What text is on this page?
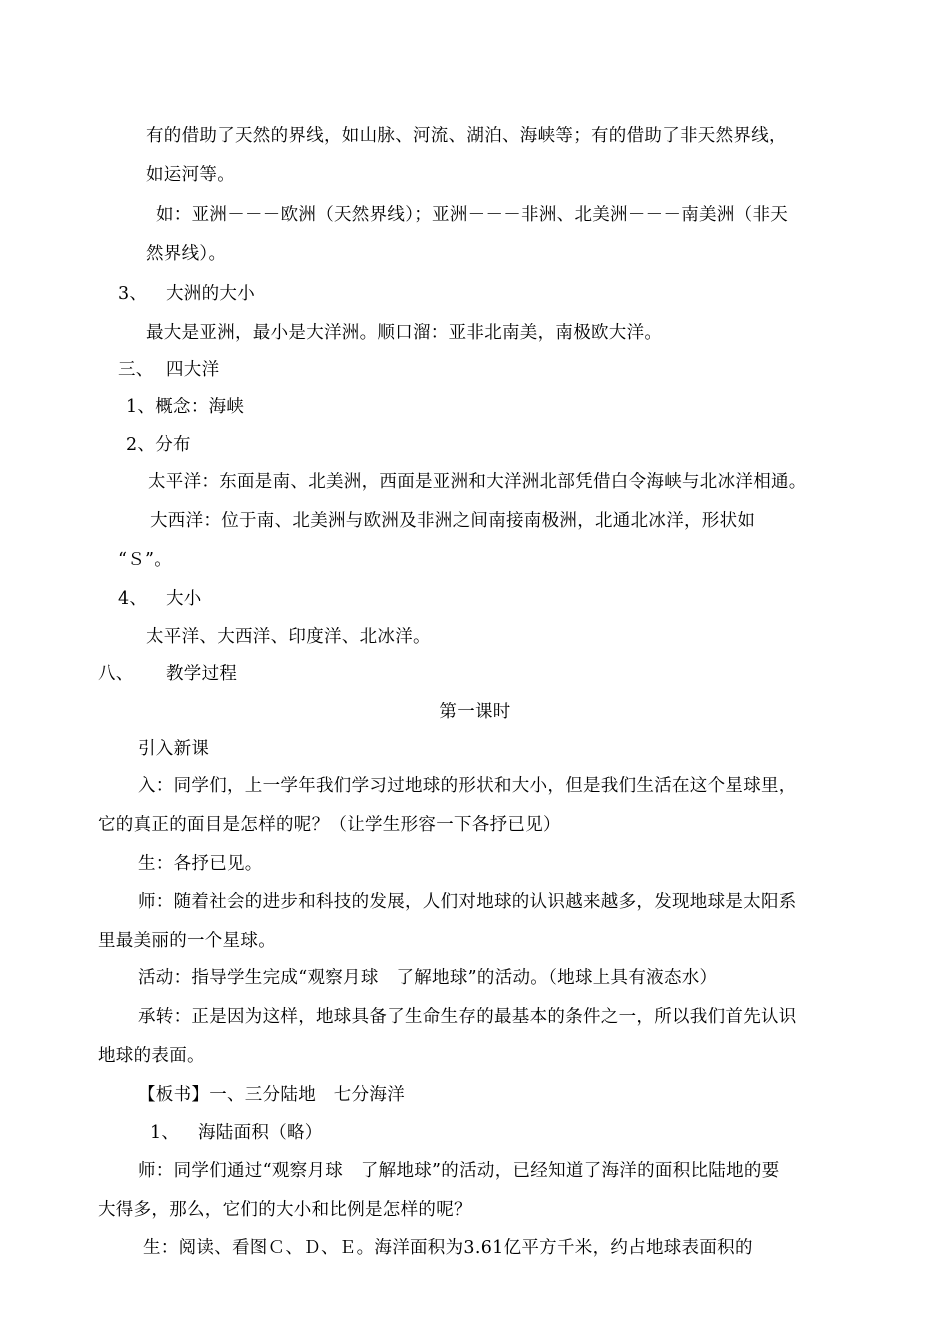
有的借助了天然的界线，如山脉、河流、湖泊、海峡等；有的借助了非天然界线，
如运河等。
如：亚洲－－－欧洲（天然界线）；亚洲－－－非洲、北美洲－－－南美洲（非天
然界线）。
3、 大洲的大小
最大是亚洲，最小是大洋洲。顺口溜：亚非北南美，南极欧大洋。
三、 四大洋
1、概念：海峡
2、分布
太平洋：东面是南、北美洲，西面是亚洲和大洋洲北部凭借白令海峡与北冰洋相通。
大西洋：位于南、北美洲与欧洲及非洲之间南接南极洲，北通北冰洋，形状如
“Ｓ”。
4、 大小
太平洋、大西洋、印度洋、北冰洋。
八、 教学过程
第一课时
引入新课
入：同学们，上一学年我们学习过地球的形状和大小，但是我们生活在这个星球里，
它的真正的面目是怎样的呢？（让学生形容一下各抒已见）
生：各抒已见。
师：随着社会的进步和科技的发展，人们对地球的认识越来越多，发现地球是太阳系
里最美丽的一个星球。
活动：指导学生完成“观察月球　了解地球”的活动。（地球上具有液态水）
承转：正是因为这样，地球具备了生命生存的最基本的条件之一，所以我们首先认识
地球的表面。
【板书】一、三分陆地　七分海洋
1、 海陆面积（略）
师：同学们通过“观察月球　了解地球”的活动，已经知道了海洋的面积比陆地的要
大得多，那么，它们的大小和比例是怎样的呢？
生：阅读、看图Ｃ、Ｄ、Ｅ。海洋面积为3.61亿平方千米，约占地球表面积的
